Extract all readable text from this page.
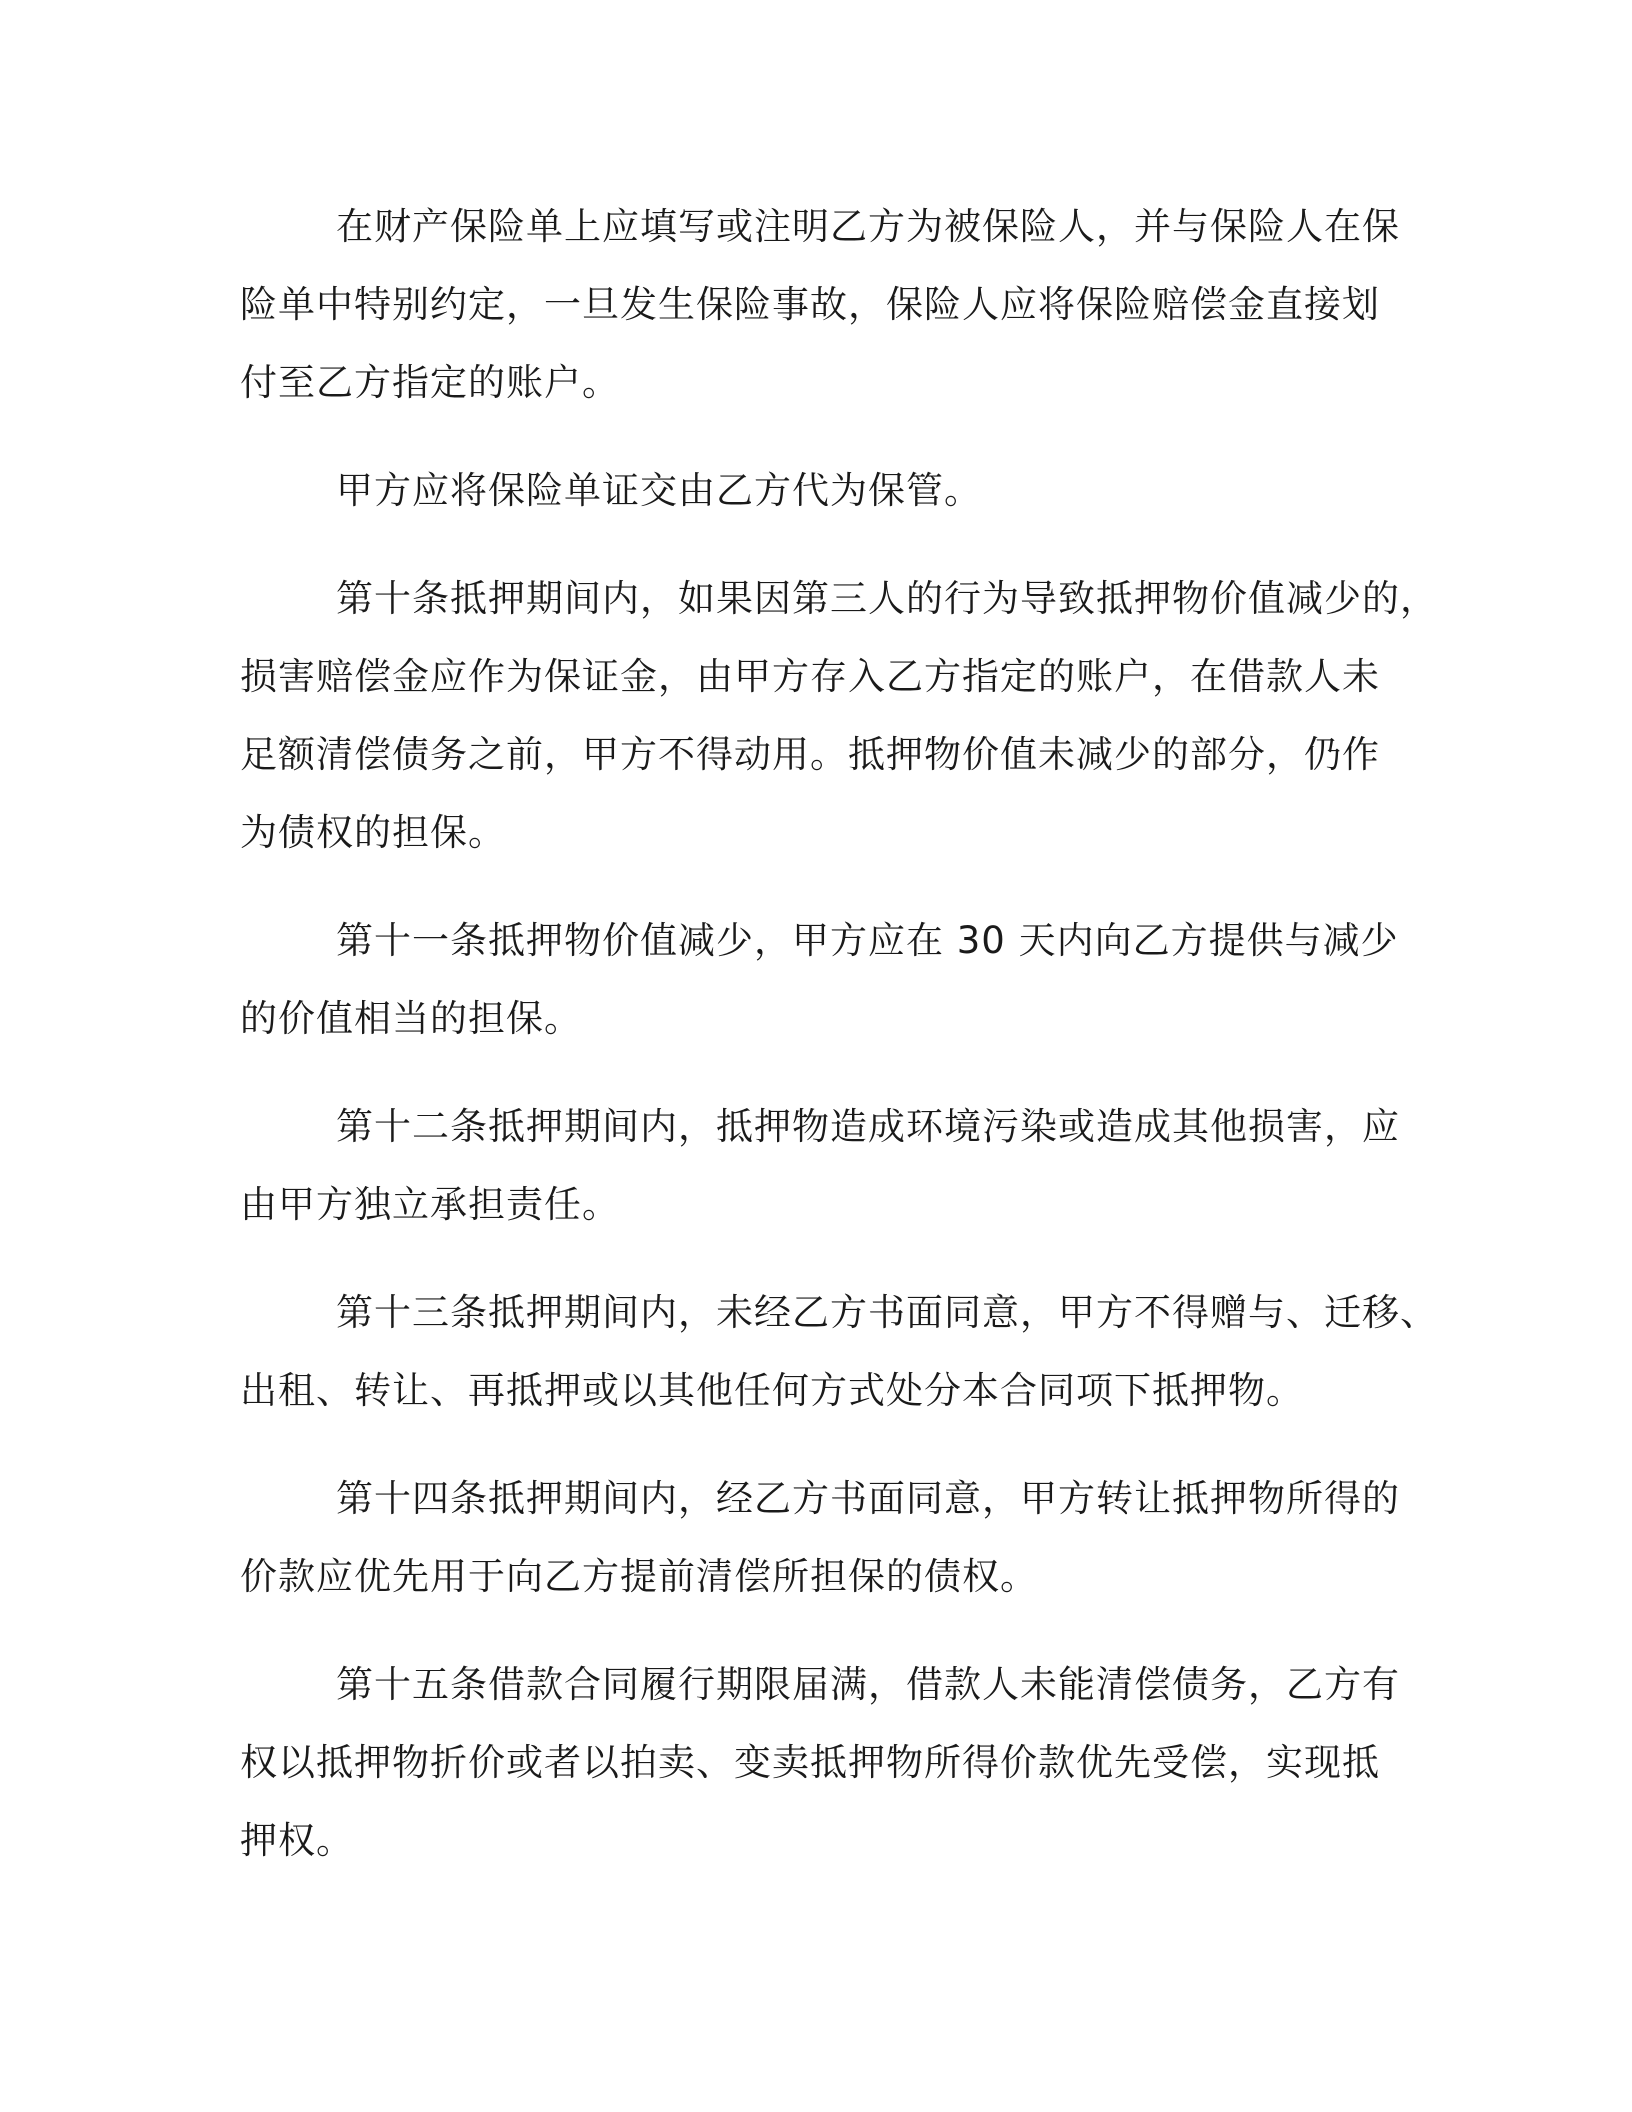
在财产保险单上应填写或注明乙方为被保险人，并与保险人在保
险单中特别约定，一旦发生保险事故，保险人应将保险赔偿金直接划
付至乙方指定的账户。
甲方应将保险单证交由乙方代为保管。
第十条抵押期间内，如果因第三人的行为导致抵押物价值减少的，
损害赔偿金应作为保证金，由甲方存入乙方指定的账户，在借款人未
足额清偿债务之前，甲方不得动用。抵押物价值未减少的部分，仍作
为债权的担保。
第十一条抵押物价值减少，甲方应在 30 天内向乙方提供与减少
的价值相当的担保。
第十二条抵押期间内，抵押物造成环境污染或造成其他损害，应
由甲方独立承担责任。
第十三条抵押期间内，未经乙方书面同意，甲方不得赠与、迁移、
出租、转让、再抵押或以其他任何方式处分本合同项下抵押物。
第十四条抵押期间内，经乙方书面同意，甲方转让抵押物所得的
价款应优先用于向乙方提前清偿所担保的债权。
第十五条借款合同履行期限届满，借款人未能清偿债务，乙方有
权以抵押物折价或者以拍卖、变卖抵押物所得价款优先受偿，实现抵
押权。
